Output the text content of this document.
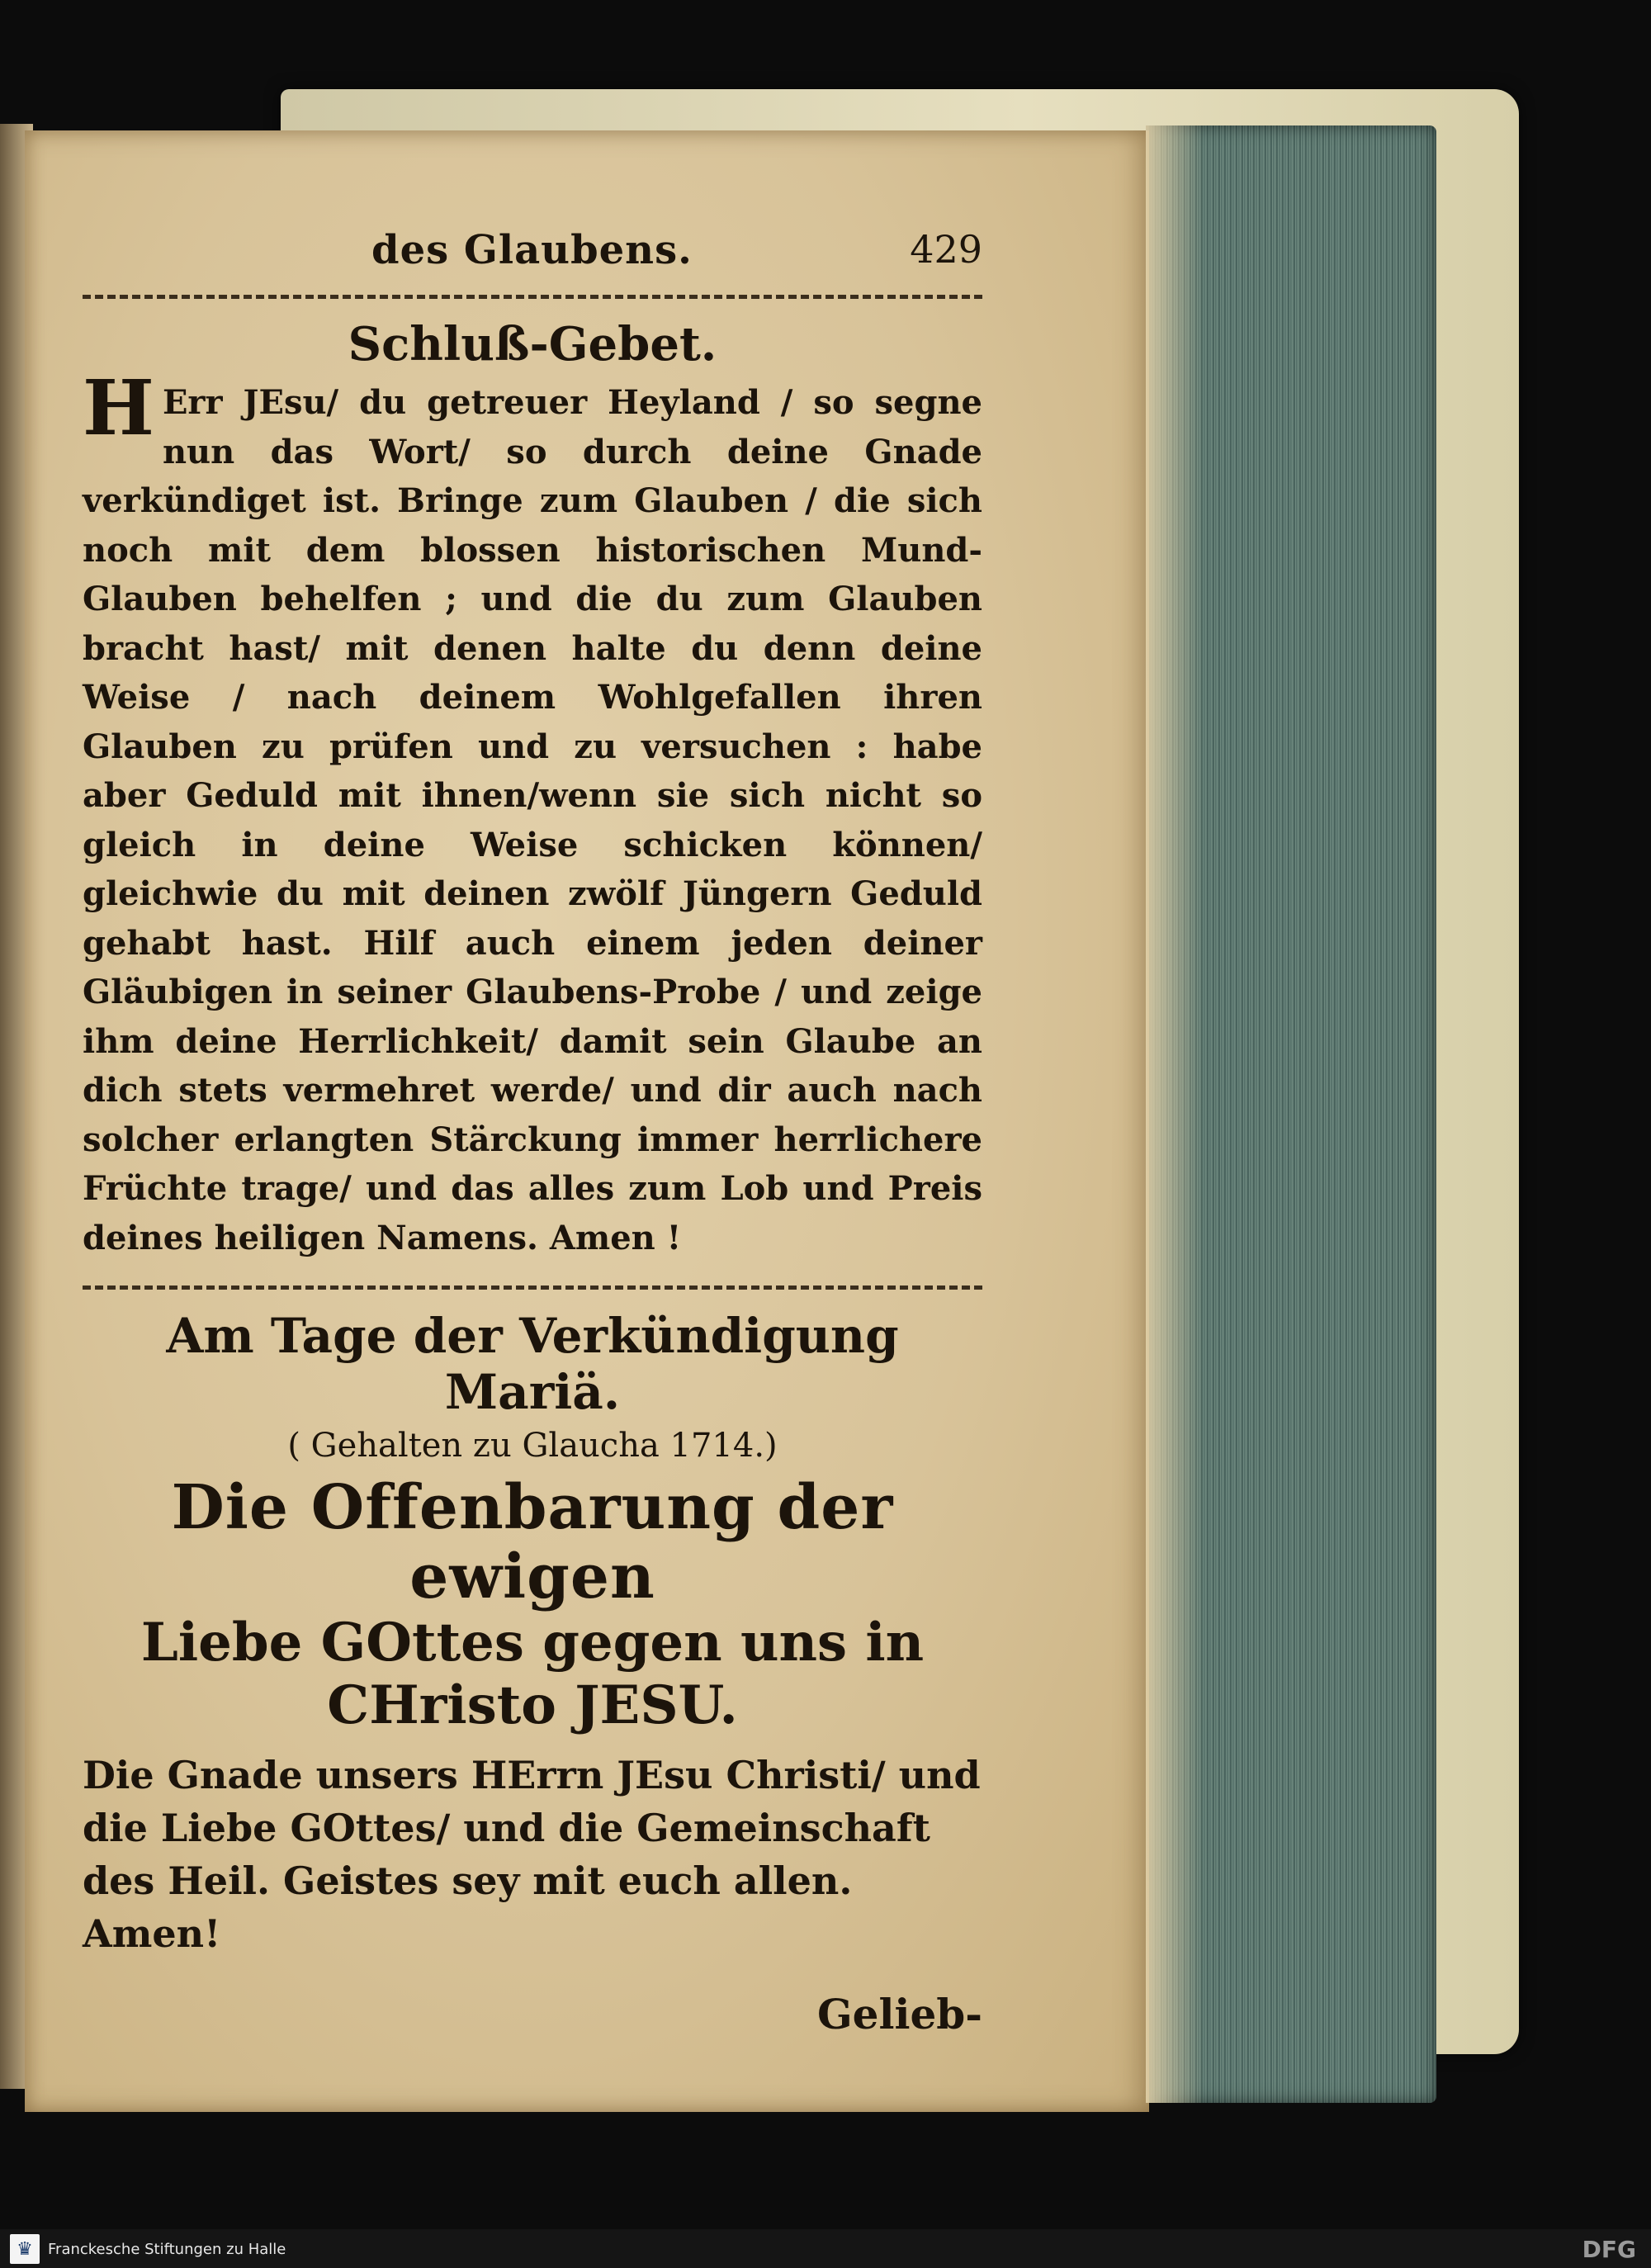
des Glaubens.	429
Schluß-Gebet.
H Err JEsu/ du getreuer Heyland / so segne nun das Wort/ so durch deine Gnade verkündiget ist. Bringe zum Glauben / die sich noch mit dem blossen historischen Mund-Glauben behelfen ; und die du zum Glauben bracht hast/ mit denen halte du denn deine Weise / nach deinem Wohlgefallen ihren Glauben zu prüfen und zu versuchen : habe aber Geduld mit ihnen/wenn sie sich nicht so gleich in deine Weise schicken können/ gleichwie du mit deinen zwölf Jüngern Geduld gehabt hast. Hilf auch einem jeden deiner Gläubigen in seiner Glaubens-Probe / und zeige ihm deine Herrlichkeit/ damit sein Glaube an dich stets vermehret werde/ und dir auch nach solcher erlangten Stärckung immer herrlichere Früchte trage/ und das alles zum Lob und Preis deines heiligen Namens. Amen !
Am Tage der Verkündigung Mariä.
( Gehalten zu Glaucha 1714.)
Die Offenbarung der ewigen
Liebe GOttes gegen uns in
CHristo JESU.
Die Gnade unsers HErrn JEsu Christi/ und die Liebe GOttes/ und die Gemeinschaft des Heil. Geistes sey mit euch allen. Amen!
Gelieb-
♛	Franckesche Stiftungen zu Halle	DFG
